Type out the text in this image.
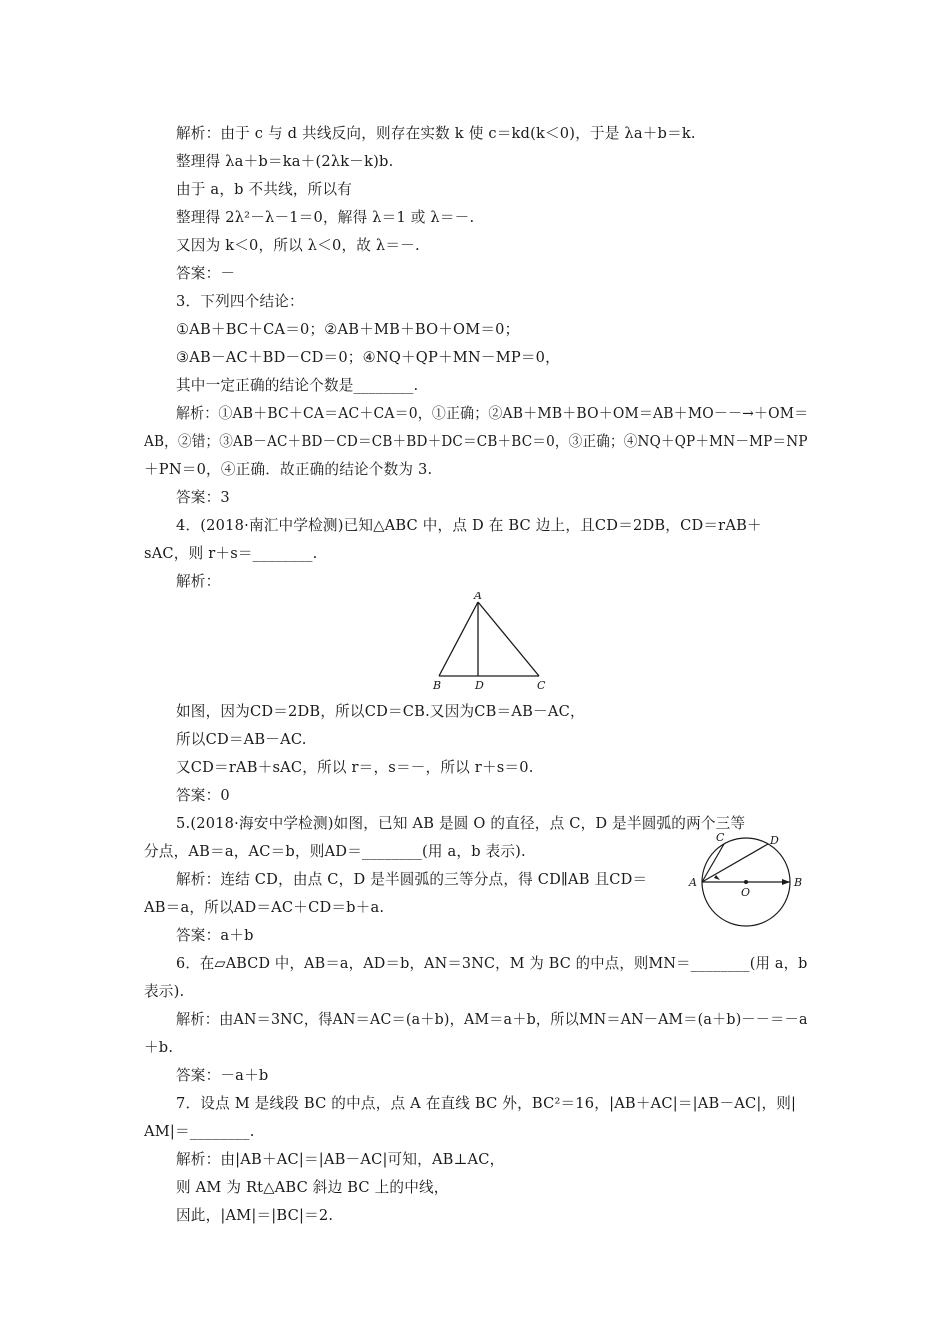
解析：由于 c 与 d 共线反向，则存在实数 k 使 c＝kd(k＜0)，于是 λa＋b＝k.
整理得 λa＋b＝ka＋(2λk－k)b.
由于 a，b 不共线，所以有
整理得 2λ²－λ－1＝0，解得 λ＝1 或 λ＝－.
又因为 k＜0，所以 λ＜0，故 λ＝－.
答案：－
3．下列四个结论：
①AB＋BC＋CA＝0；②AB＋MB＋BO＋OM＝0；
③AB－AC＋BD－CD＝0；④NQ＋QP＋MN－MP＝0，
其中一定正确的结论个数是________.
解析：①AB＋BC＋CA＝AC＋CA＝0，①正确；②AB＋MB＋BO＋OM＝AB＋MO－－→＋OM＝
AB，②错；③AB－AC＋BD－CD＝CB＋BD＋DC＝CB＋BC＝0，③正确；④NQ＋QP＋MN－MP＝NP
＋PN＝0，④正确．故正确的结论个数为 3.
答案：3
4．(2018·南汇中学检测)已知△ABC 中，点 D 在 BC 边上，且CD＝2DB，CD＝rAB＋
sAC，则 r＋s＝________.
解析：
A
B	D	C
如图，因为CD＝2DB，所以CD＝CB.又因为CB＝AB－AC，
所以CD＝AB－AC.
又CD＝rAB＋sAC，所以 r＝，s＝－，所以 r＋s＝0.
答案：0
5.(2018·海安中学检测)如图，已知 AB 是圆 O 的直径，点 C，D 是半圆弧的两个三等
分点，AB＝a，AC＝b，则AD＝________(用 a，b 表示).
解析：连结 CD，由点 C，D 是半圆弧的三等分点，得 CD∥AB 且CD＝
AB＝a，所以AD＝AC＋CD＝b＋a.
答案：a＋b
A	B
C	D
O
6．在▱ABCD 中，AB＝a，AD＝b，AN＝3NC，M 为 BC 的中点，则MN＝________(用 a，b
表示).
解析：由AN＝3NC，得AN＝AC＝(a＋b)，AM＝a＋b，所以MN＝AN－AM＝(a＋b)－－＝－a
＋b.
答案：－a＋b
7．设点 M 是线段 BC 的中点，点 A 在直线 BC 外，BC²＝16，|AB＋AC|＝|AB－AC|，则|
AM|＝________.
解析：由|AB＋AC|＝|AB－AC|可知，AB⊥AC，
则 AM 为 Rt△ABC 斜边 BC 上的中线，
因此，|AM|＝|BC|＝2.
